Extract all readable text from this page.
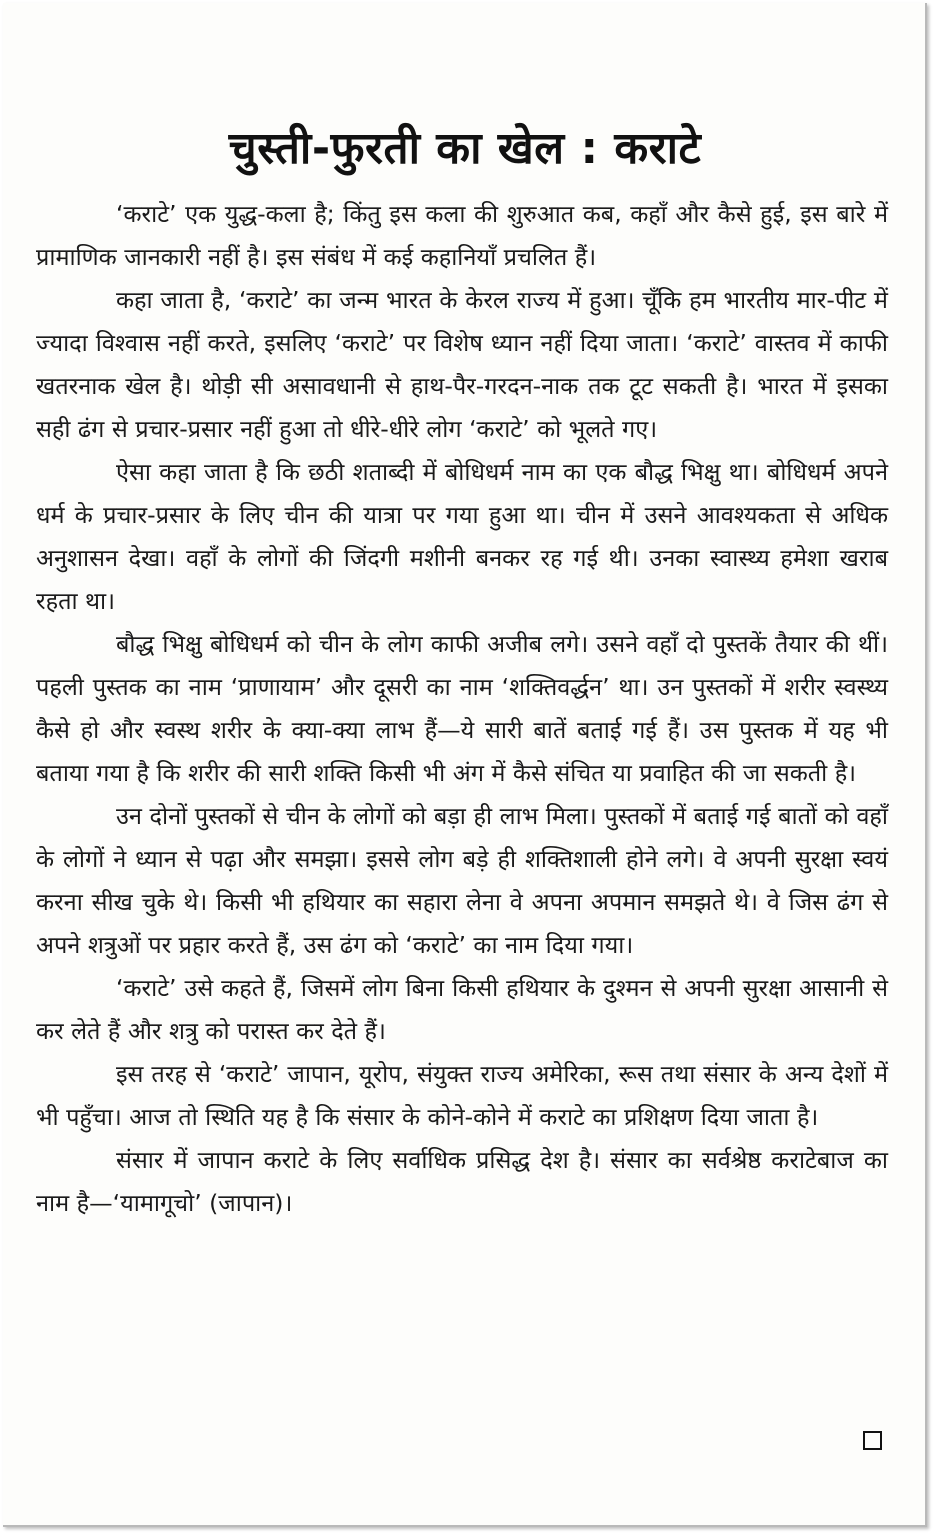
चुस्ती-फुरती का खेल : कराटे

‘कराटे’ एक युद्ध-कला है; किंतु इस कला की शुरुआत कब, कहाँ और कैसे हुई, इस बारे में प्रामाणिक जानकारी नहीं है। इस संबंध में कई कहानियाँ प्रचलित हैं।

कहा जाता है, ‘कराटे’ का जन्म भारत के केरल राज्य में हुआ। चूँकि हम भारतीय मार-पीट में ज्यादा विश्वास नहीं करते, इसलिए ‘कराटे’ पर विशेष ध्यान नहीं दिया जाता। ‘कराटे’ वास्तव में काफी खतरनाक खेल है। थोड़ी सी असावधानी से हाथ-पैर-गरदन-नाक तक टूट सकती है। भारत में इसका सही ढंग से प्रचार-प्रसार नहीं हुआ तो धीरे-धीरे लोग ‘कराटे’ को भूलते गए।

ऐसा कहा जाता है कि छठी शताब्दी में बोधिधर्म नाम का एक बौद्ध भिक्षु था। बोधिधर्म अपने धर्म के प्रचार-प्रसार के लिए चीन की यात्रा पर गया हुआ था। चीन में उसने आवश्यकता से अधिक अनुशासन देखा। वहाँ के लोगों की जिंदगी मशीनी बनकर रह गई थी। उनका स्वास्थ्य हमेशा खराब रहता था।

बौद्ध भिक्षु बोधिधर्म को चीन के लोग काफी अजीब लगे। उसने वहाँ दो पुस्तकें तैयार की थीं। पहली पुस्तक का नाम ‘प्राणायाम’ और दूसरी का नाम ‘शक्तिवर्द्धन’ था। उन पुस्तकों में शरीर स्वस्थ्य कैसे हो और स्वस्थ शरीर के क्या-क्या लाभ हैं—ये सारी बातें बताई गई हैं। उस पुस्तक में यह भी बताया गया है कि शरीर की सारी शक्ति किसी भी अंग में कैसे संचित या प्रवाहित की जा सकती है।

उन दोनों पुस्तकों से चीन के लोगों को बड़ा ही लाभ मिला। पुस्तकों में बताई गई बातों को वहाँ के लोगों ने ध्यान से पढ़ा और समझा। इससे लोग बड़े ही शक्तिशाली होने लगे। वे अपनी सुरक्षा स्वयं करना सीख चुके थे। किसी भी हथियार का सहारा लेना वे अपना अपमान समझते थे। वे जिस ढंग से अपने शत्रुओं पर प्रहार करते हैं, उस ढंग को ‘कराटे’ का नाम दिया गया।

‘कराटे’ उसे कहते हैं, जिसमें लोग बिना किसी हथियार के दुश्मन से अपनी सुरक्षा आसानी से कर लेते हैं और शत्रु को परास्त कर देते हैं।

इस तरह से ‘कराटे’ जापान, यूरोप, संयुक्त राज्य अमेरिका, रूस तथा संसार के अन्य देशों में भी पहुँचा। आज तो स्थिति यह है कि संसार के कोने-कोने में कराटे का प्रशिक्षण दिया जाता है।

संसार में जापान कराटे के लिए सर्वाधिक प्रसिद्ध देश है। संसार का सर्वश्रेष्ठ कराटेबाज का नाम है—‘यामागूचो’ (जापान)।
